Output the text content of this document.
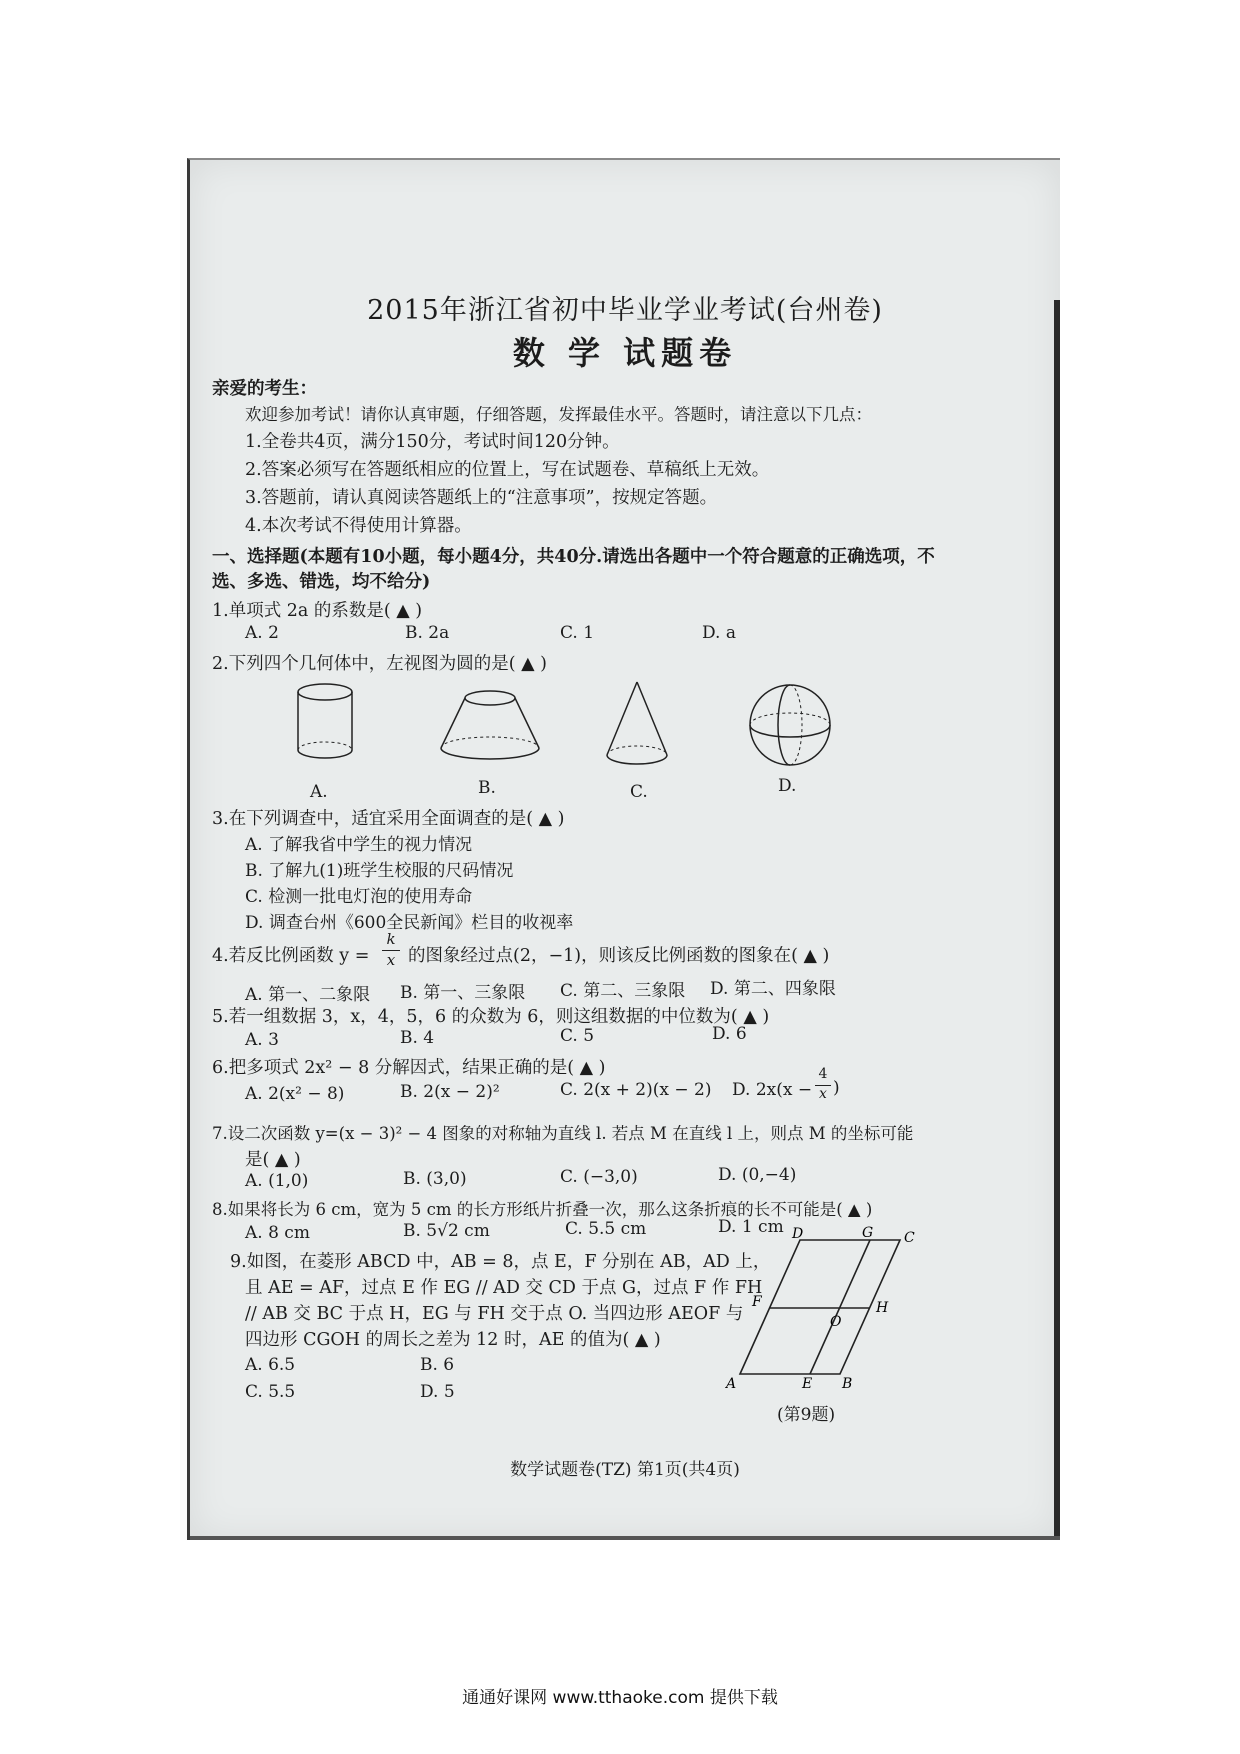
2015年浙江省初中毕业学业考试(台州卷)
数 学 试题卷
亲爱的考生：
欢迎参加考试！请你认真审题，仔细答题，发挥最佳水平。答题时，请注意以下几点：
1.全卷共4页，满分150分，考试时间120分钟。
2.答案必须写在答题纸相应的位置上，写在试题卷、草稿纸上无效。
3.答题前，请认真阅读答题纸上的“注意事项”，按规定答题。
4.本次考试不得使用计算器。
一、选择题(本题有10小题，每小题4分，共40分.请选出各题中一个符合题意的正确选项，不
选、多选、错选，均不给分)
1.单项式 2a 的系数是( ▲ )
A. 2	B. 2a	C. 1	D. a
2.下列四个几何体中，左视图为圆的是( ▲ )
A.	B.	C.	D.
3.在下列调查中，适宜采用全面调查的是( ▲ )
A. 了解我省中学生的视力情况
B. 了解九(1)班学生校服的尺码情况
C. 检测一批电灯泡的使用寿命
D. 调查台州《600全民新闻》栏目的收视率
4.若反比例函数 y =
k
x 的图象经过点(2，−1)，则该反比例函数的图象在( ▲ )
A. 第一、二象限 B. 第一、三象限 C. 第二、三象限 D. 第二、四象限
5.若一组数据 3，x，4，5，6 的众数为 6，则这组数据的中位数为( ▲ )
A. 3	B. 4	C. 5	D. 6
6.把多项式 2x² − 8 分解因式，结果正确的是( ▲ )
A. 2(x² − 8)	B. 2(x − 2)²	C. 2(x + 2)(x − 2) D. 2x(x −
4
x )
7.设二次函数 y=(x − 3)² − 4 图象的对称轴为直线 l. 若点 M 在直线 l 上，则点 M 的坐标可能
是( ▲ )
A. (1,0)	B. (3,0)	C. (−3,0)	D. (0,−4)
8.如果将长为 6 cm，宽为 5 cm 的长方形纸片折叠一次，那么这条折痕的长不可能是( ▲ )
A. 8 cm	B. 5√2 cm	C. 5.5 cm	D. 1 cm
9.如图，在菱形 ABCD 中，AB = 8，点 E，F 分别在 AB，AD 上，
且 AE = AF，过点 E 作 EG // AD 交 CD 于点 G，过点 F 作 FH
// AB 交 BC 于点 H，EG 与 FH 交于点 O. 当四边形 AEOF 与
四边形 CGOH 的周长之差为 12 时，AE 的值为( ▲ )
A. 6.5	B. 6
C. 5.5	D. 5
D	G C
F
O
H
A	E B
(第9题)
数学试题卷(TZ) 第1页(共4页)
通通好课网 www.tthaoke.com 提供下载
